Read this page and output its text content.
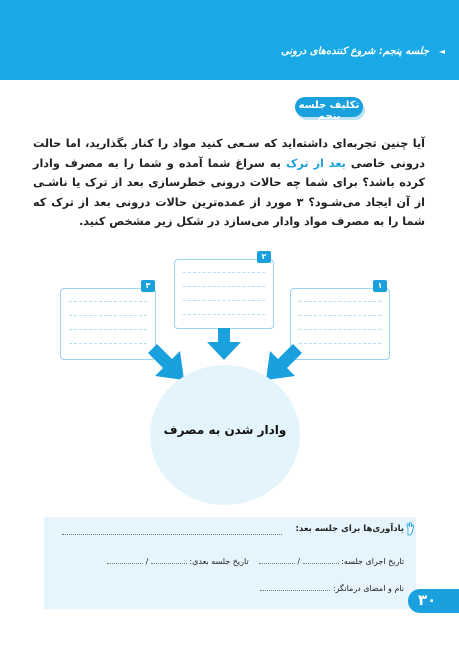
◄
جلسه پنجم: شروع کننده‌های درونی
تکلیف جلسه پنجم
آیا چنین تجربه‌ای داشته‌اید که سـعی کنید مواد را کنار بگذارید، اما حالت درونی خاصی بعد از ترک به سراغ شما آمده و شما را به مصرف وادار کرده باشد؟ برای شما چه حالات درونی خطرسازی بعد از ترک یا ناشـی از آن ایجاد می‌شـود؟ ۳ مورد از عمده‌ترین حالات درونی بعد از ترک که شما را به مصرف مواد وادار می‌سازد در شکل زیر مشخص کنید.
۱
۲
۳
وادار شدن به مصرف
یادآوری‌ها برای جلسه بعد:
تاریخ اجرای جلسه:  /     تاریخ جلسه بعدی:  /
نام و امضای درمانگر:
۳۰
